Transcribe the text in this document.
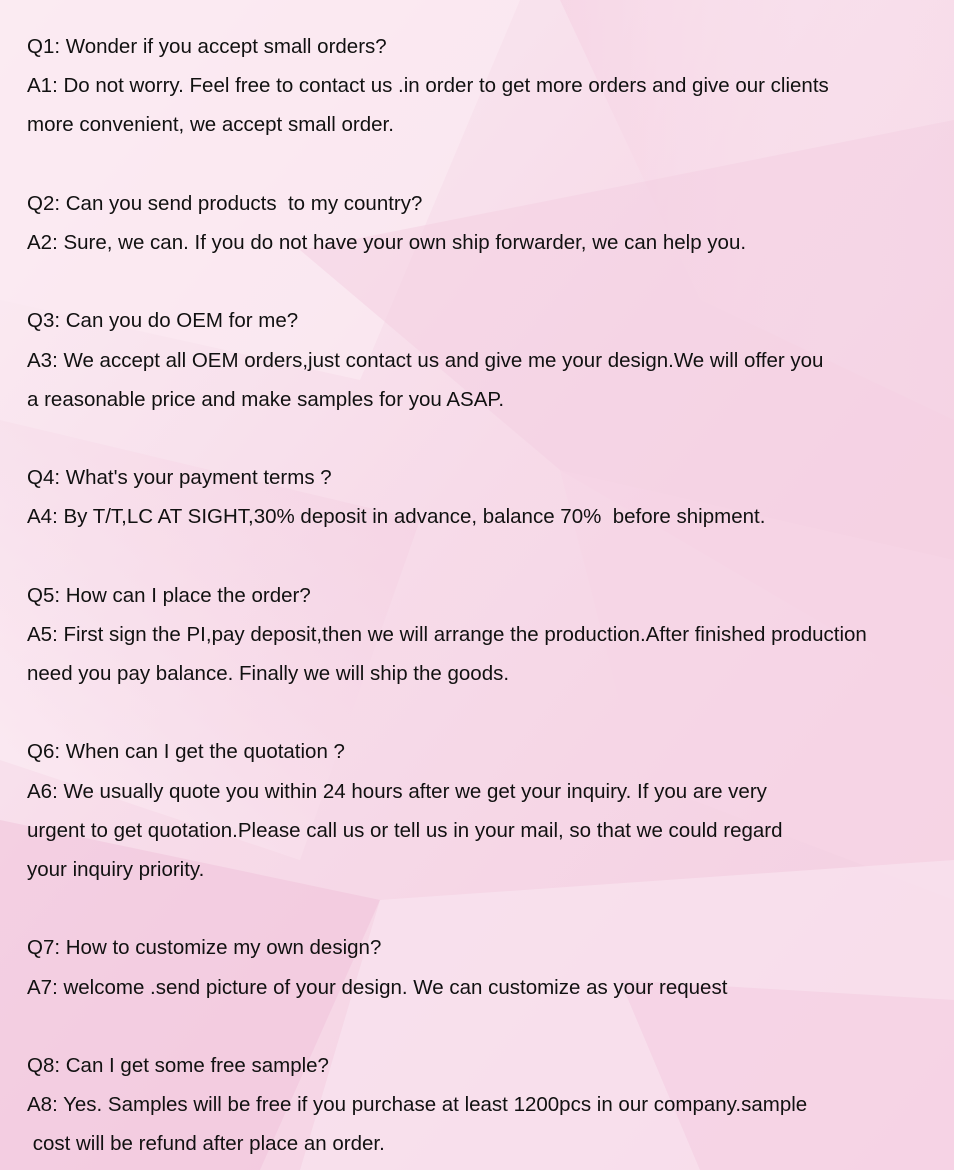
Q1: Wonder if you accept small orders?
A1: Do not worry. Feel free to contact us .in order to get more orders and give our clients
more convenient, we accept small order.
Q2: Can you send products  to my country?
A2: Sure, we can. If you do not have your own ship forwarder, we can help you.
Q3: Can you do OEM for me?
A3: We accept all OEM orders,just contact us and give me your design.We will offer you
a reasonable price and make samples for you ASAP.
Q4: What's your payment terms ?
A4: By T/T,LC AT SIGHT,30% deposit in advance, balance 70%  before shipment.
Q5: How can I place the order?
A5: First sign the PI,pay deposit,then we will arrange the production.After finished production
need you pay balance. Finally we will ship the goods.
Q6: When can I get the quotation ?
A6: We usually quote you within 24 hours after we get your inquiry. If you are very
urgent to get quotation.Please call us or tell us in your mail, so that we could regard
your inquiry priority.
Q7: How to customize my own design?
A7: welcome .send picture of your design. We can customize as your request
Q8: Can I get some free sample?
A8: Yes. Samples will be free if you purchase at least 1200pcs in our company.sample
cost will be refund after place an order.
